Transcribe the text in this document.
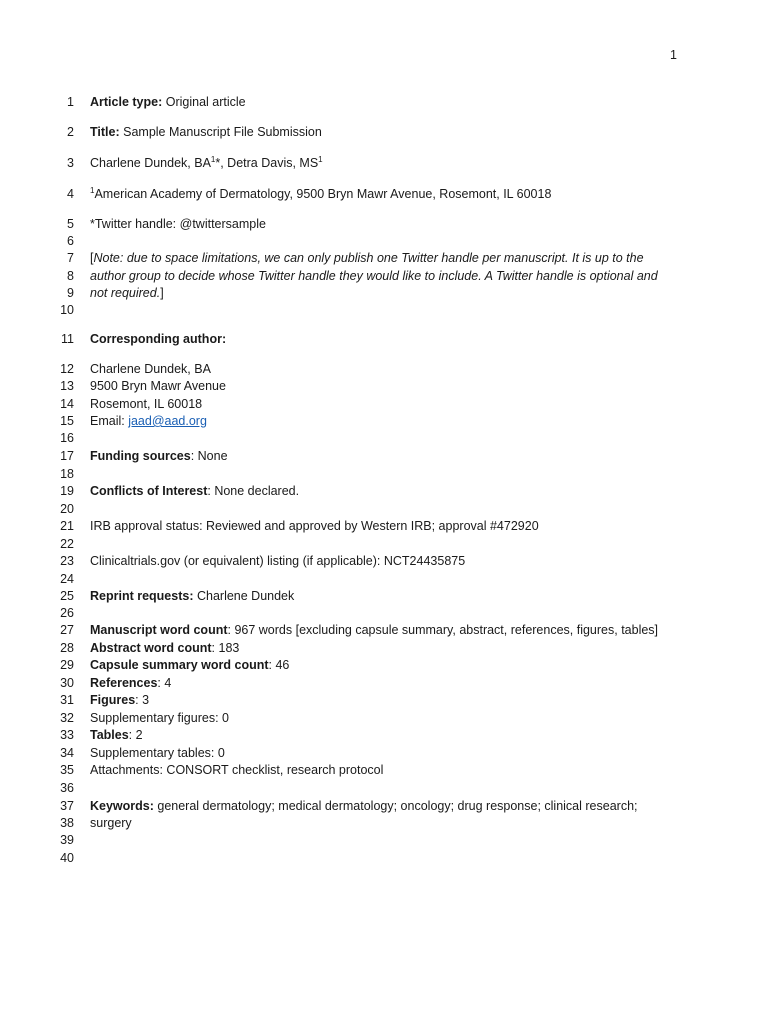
1
1
2
3
4
5
6
7
8
9
10
11
12
13
14
15
16
17
18
19
20
21
22
23
24
25
26
27
28
29
30
31
32
33
34
35
36
37
38
39
40
Article type: Original article
Title: Sample Manuscript File Submission
Charlene Dundek, $BA^1*$, Detra Davis, $MS^1$
$^1$American Academy of Dermatology, 9500 Bryn Mawr Avenue, Rosemont, IL 60018
*Twitter handle: @twittersample
[Note: due to space limitations, we can only publish one Twitter handle per manuscript. It is up to the
author group to decide whose Twitter handle they would like to include. A Twitter handle is optional and
not required.]
Corresponding author:
Charlene Dundek, BA
9500 Bryn Mawr Avenue
Rosemont, IL 60018
Email: jaad@aad.org
Funding sources: None
Conflicts of Interest: None declared.
IRB approval status: Reviewed and approved by Western IRB; approval #472920
Clinicaltrials.gov (or equivalent) listing (if applicable): NCT24435875
Reprint requests: Charlene Dundek
Manuscript word count: 967 words [excluding capsule summary, abstract, references, figures, tables]
Abstract word count: 183
Capsule summary word count: 46
References: 4
Figures: 3
Supplementary figures: 0
Tables: 2
Supplementary tables: 0
Attachments: CONSORT checklist, research protocol
Keywords: general dermatology; medical dermatology; oncology; drug response; clinical research;
surgery
